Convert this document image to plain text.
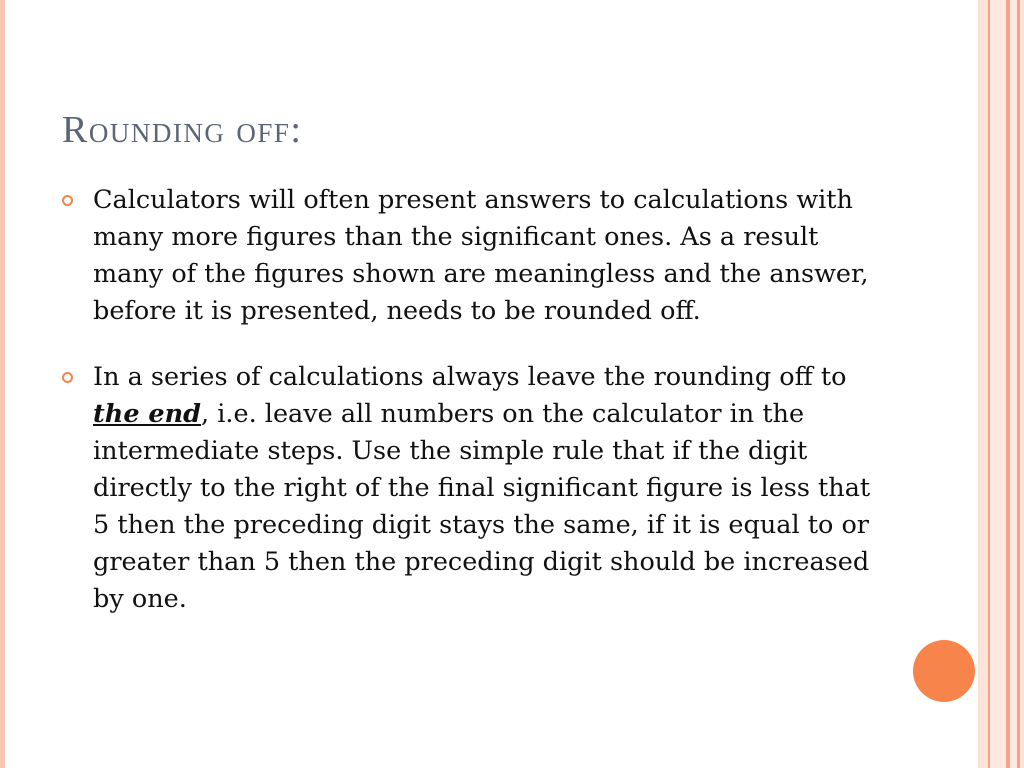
Rounding off:
Calculators will often present answers to calculations with many more figures than the significant ones. As a result many of the figures shown are meaningless and the answer, before it is presented, needs to be rounded off.
In a series of calculations always leave the rounding off to the end, i.e. leave all numbers on the calculator in the intermediate steps. Use the simple rule that if the digit directly to the right of the final significant figure is less that 5 then the preceding digit stays the same, if it is equal to or greater than 5 then the preceding digit should be increased by one.
